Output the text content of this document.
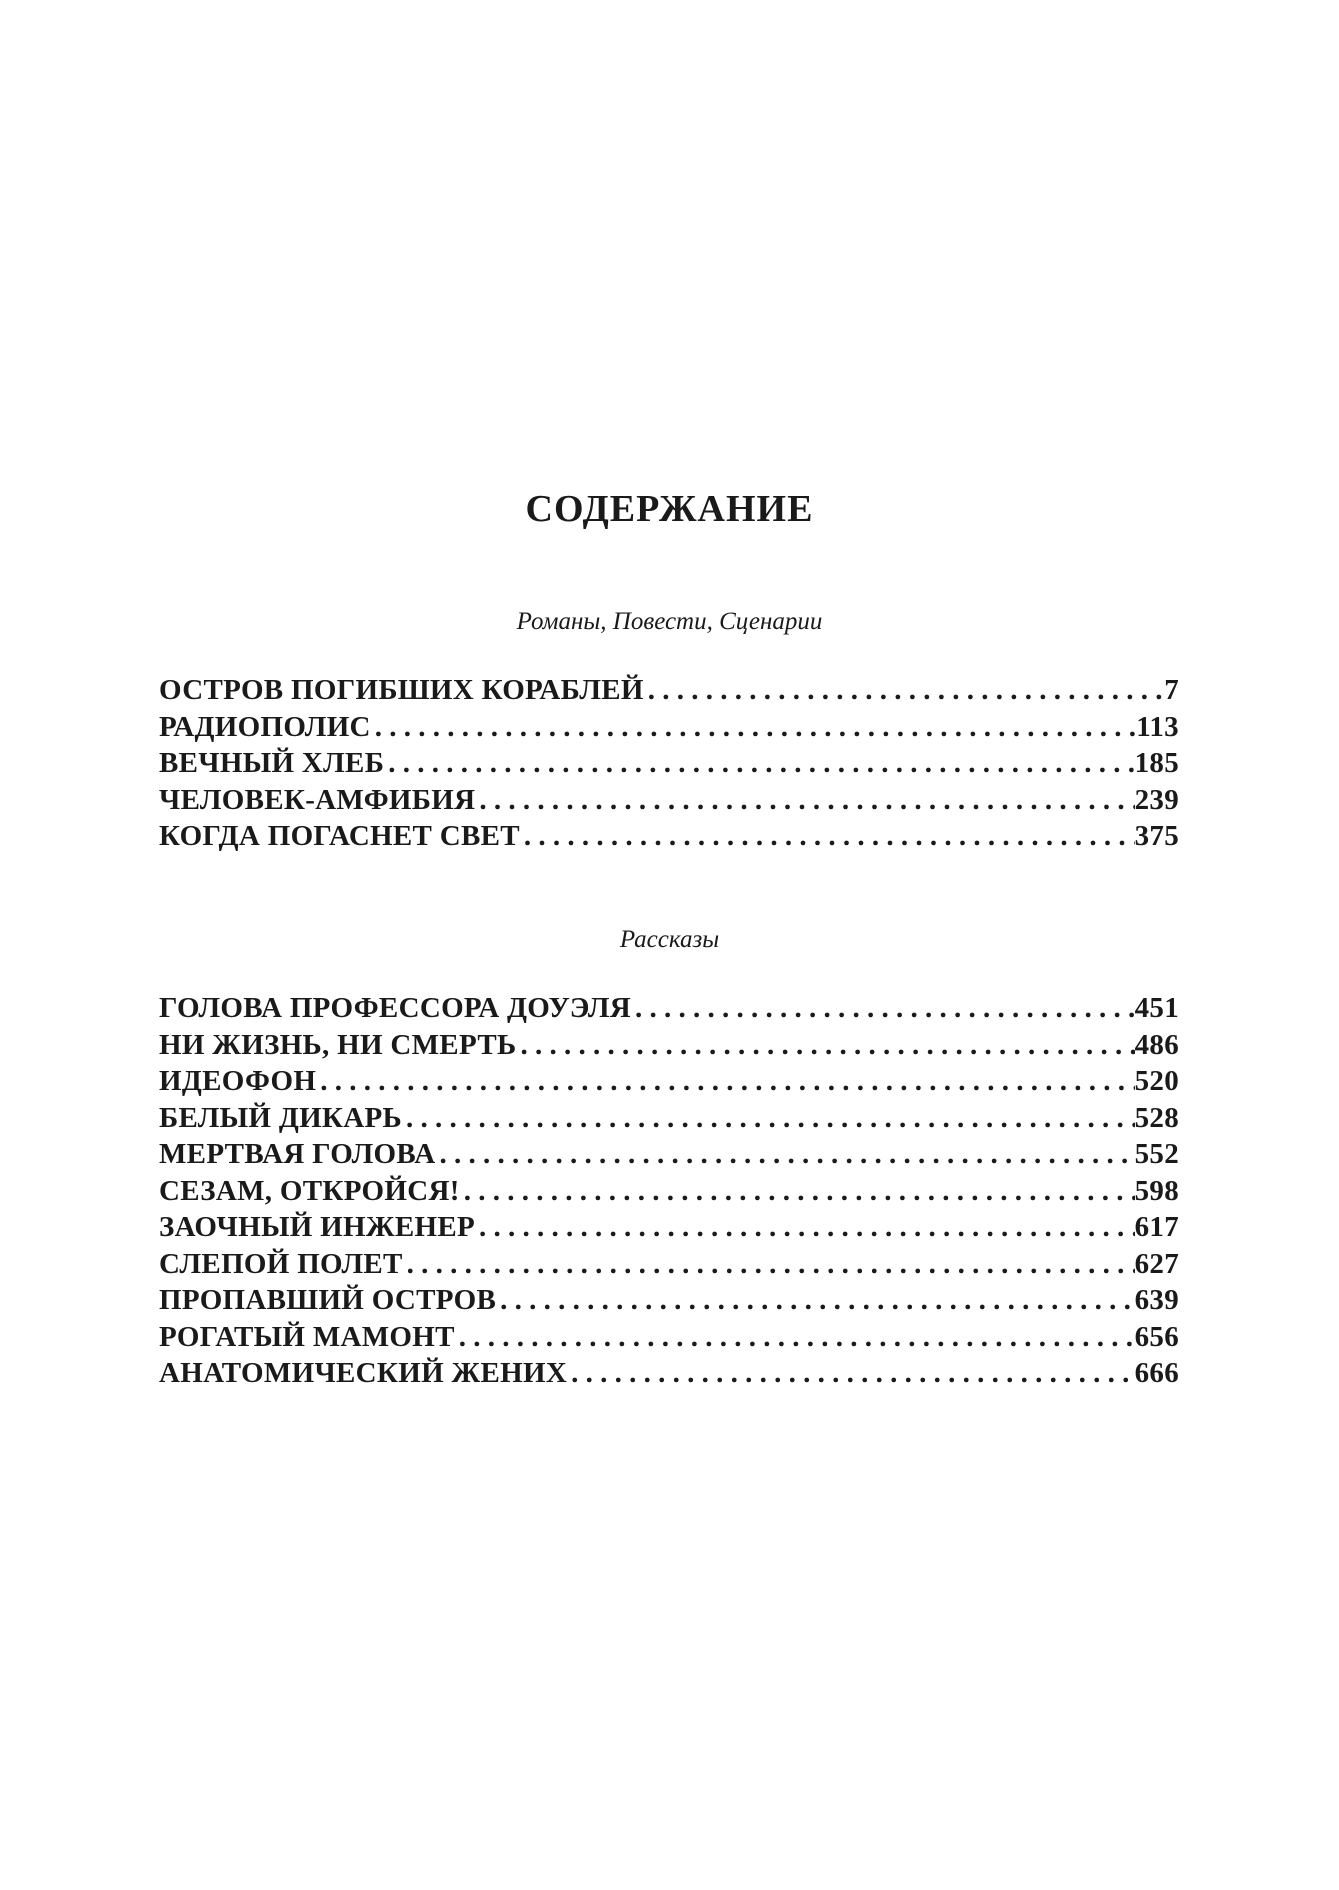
СОДЕРЖАНИЕ
Романы, Повести, Сценарии
ОСТРОВ ПОГИБШИХ КОРАБЛЕЙ . . .	7
РАДИОПОЛИС . . .	113
ВЕЧНЫЙ ХЛЕБ . . .	185
ЧЕЛОВЕК-АМФИБИЯ . . .	239
КОГДА ПОГАСНЕТ СВЕТ . . .	375
Рассказы
ГОЛОВА ПРОФЕССОРА ДОУЭЛЯ . . .	451
НИ ЖИЗНЬ, НИ СМЕРТЬ . . .	486
ИДЕОФОН . . .	520
БЕЛЫЙ ДИКАРЬ . . .	528
МЕРТВАЯ ГОЛОВА . . .	552
СЕЗАМ, ОТКРОЙСЯ! . . .	598
ЗАОЧНЫЙ ИНЖЕНЕР . . .	617
СЛЕПОЙ ПОЛЕТ . . .	627
ПРОПАВШИЙ ОСТРОВ . . .	639
РОГАТЫЙ МАМОНТ . . .	656
АНАТОМИЧЕСКИЙ ЖЕНИХ . . .	666
